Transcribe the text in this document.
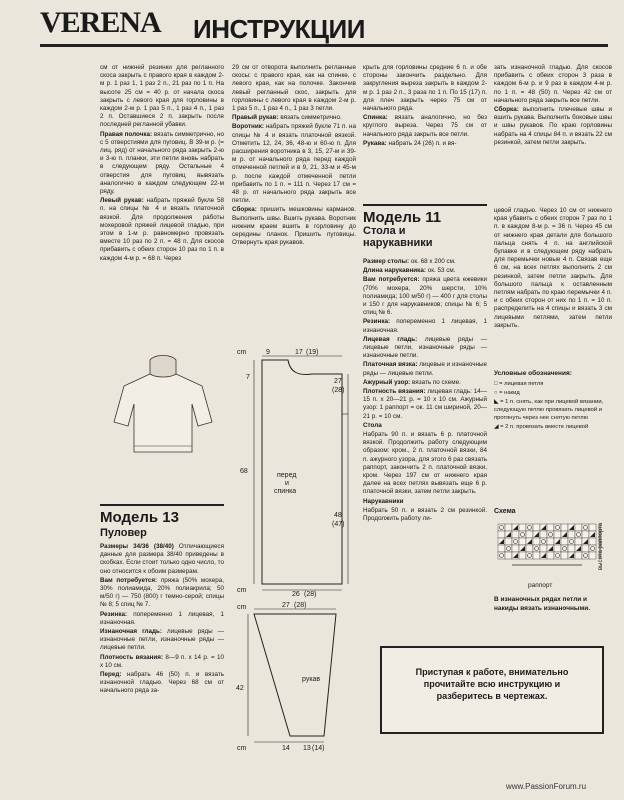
VERENA ИНСТРУКЦИИ

см от нижней резинки для регланного скоса закрыть с правого края в каждом 2-м р. 1 раз 1, 1 раз 2 п., 21 раз по 1 п. На высоте 25 см = 40 р. от начала скоса закрыть с левого края для горловины в каждом 2-м р. 1 раз 5 п., 1 раз 4 п., 1 раз 2 п. Оставшиеся 2 п. закрыть после последней регланной убавки.

Правая полочка: вязать симметрично, но с 5 отверстиями для пуговиц. В 39-м р. (= лиц. ряд) от начального ряда закрыть 2-ю и 3-ю п. планки, эти петли вновь набрать в следующем ряду. Остальные 4 отверстия для пуговиц вывязать аналогично в каждом следующем 22-м ряду.

Левый рукав: набрать пряжей букле 58 п. на спицы № 4 и вязать платочной вязкой. Для продолжения работы мохеровой пряжей лицевой гладью, при этом в 1-м р. равномерно провязать вместе 10 раз по 2 п. = 48 п. Для скосов прибавить с обеих сторон 10 раз по 1 п. в каждом 4-м р. = 68 п. Через

29 см от отворота выполнить регланные скосы: с правого края, как на спинке, с левого края, как на полочке. Закончив левый регланный скос, закрыть для горловины с левого края в каждом 2-м р. 1 раз 5 п., 1 раз 4 п., 1 раз 3 петли.

Правый рукав: вязать симметрично.

Воротник: набрать пряжей букле 71 п. на спицы № 4 и вязать платочной вязкой. Отметить 12, 24, 36, 48-ю и 60-ю п. Для расширения воротника в 3, 15, 27-м и 39-м р. от начального ряда перед каждой отмеченной петлей и в 9, 21, 33-м и 45-м р. после каждой отмеченной петли прибавить по 1 п. = 111 п. Через 17 см = 48 р. от начального ряда закрыть все петли.

Сборка: пришить мешковины карманов. Выполнить швы. Вшить рукава. Воротник нижним краем вшить в горловину до середины планок. Пришить пуговицы. Отвернуть края рукавов.

крыть для горловины средние 6 п. и обе стороны закончить раздельно. Для закругления выреза закрыть в каждом 2-м р. 1 раз 2 п., 3 раза по 1 п. По 15 (17) п. для плеч закрыть через 75 см от начального ряда.

Спинка: вязать аналогично, но без круглого выреза. Через 75 см от начального ряда закрыть все петли.

Рукава: набрать 24 (26) п. и вя-

зать изнаночной гладью. Для скосов прибавить с обеих сторон 3 раза в каждом 6-м р. и 9 раз в каждом 4-м р. по 1 п. = 48 (50) п. Через 42 см от начального ряда закрыть все петли.

Сборка: выполнить плечевые швы и вшить рукава. Выполнить боковые швы и швы рукавов. По краю горловины набрать на 4 спицы 84 п. и вязать 22 см резинкой, затем петли закрыть.

Модель 11
Стола и
нарукавники

Размер столы: ок. 68 х 200 см.

Длина нарукавника: ок. 53 см.

Вам потребуется: пряжа цвета ежевики (70% мохера, 20% шерсти, 10% полиамида; 100 м/50 г) — 400 г для столы и 150 г для нарукавников; спицы № 6; 5 спиц № 6.

Резинка: попеременно 1 лицевая, 1 изнаночная.

Лицевая гладь: лицевые ряды — лицевые петли, изнаночные ряды — изнаночные петли.

Платочная вязка: лицевые и изнаночные ряды — лицевые петли.

Ажурный узор: вязать по схеме.

Плотность вязания: лицевая гладь: 14—15 п. х 20—21 р. = 10 х 10 см. Ажурный узор: 1 раппорт = ок. 11 см шириной, 20—21 р. = 10 см.

Стола

Набрать 90 п. и вязать 6 р. платочной вязкой. Продолжить работу следующим образом: кром., 2 п. платочной вязки, 84 п. ажурного узора, для этого 6 раз связать раппорт, закончить 2 п. платочной вязки, кром. Через 197 см от нижнего края далее на всех петлях вывязать еще 6 р. платочной вязки, затем петли закрыть.

Нарукавники

Набрать 50 п. и вязать 2 см резинкой. Продолжить работу ли-

цевой гладью. Через 10 см от нижнего края убавить с обеих сторон 7 раз по 1 п. в каждом 8-м р. = 36 п. Через 45 см от нижнего края детали для большого пальца снять 4 п. на английской булавке и в следующем ряду набрать для перемычки новые 4 п. Связав еще 6 см, на всех петлях выполнить 2 см резинкой, затем петли закрыть. Для большого пальца к оставленным петлям набрать по краю перемычки 4 п. и с обеих сторон от них по 1 п. = 10 п. распределить на 4 спицы и вязать 3 см лицевыми петлями, затем петли закрыть.

Условные обозначения:
□ = лицевая петля
○ = накид
◣ = 1 п. снять, как при лицевой вязании, следующую петлю провязать лицевой и протянуть через нее снятую петлю
◢ = 2 п. провязать вместе лицевой
Схема
высота раппорта
раппорт
В изнаночных рядах петли и накиды вязать изнаночными.
Модель 13
Пуловер

Размеры 34/36 (38/40) Отличающиеся данные для размера 38/40 приведены в скобках. Если стоит только одно число, то оно относится к обоим размерам.

Вам потребуется: пряжа (50% мохера, 30% полиамида, 20% полиакрила; 50 м/50 г) — 750 (800) г темно-серой; спицы № 8; 5 спиц № 7.

Резинка: попеременно 1 лицевая, 1 изнаночная.

Изнаночная гладь: лицевые ряды — изнаночные петли, изнаночные ряды — лицевые петли.

Плотность вязания: 8—9 п. х 14 р. = 10 х 10 см.

Перед: набрать 46 (50) п. и вязать изнаночной гладью. Через 68 см от начального ряда за-

9	17 (19)
cm
7
68
27
(28)
48
(47)
перед
и
спинка
cm
26 (28)
cm	27 (28)
42
рукав
cm	14 13 (14)
Приступая к работе, внимательно прочитайте всю инструкцию и разберитесь в чертежах.
www.PassionForum.ru
